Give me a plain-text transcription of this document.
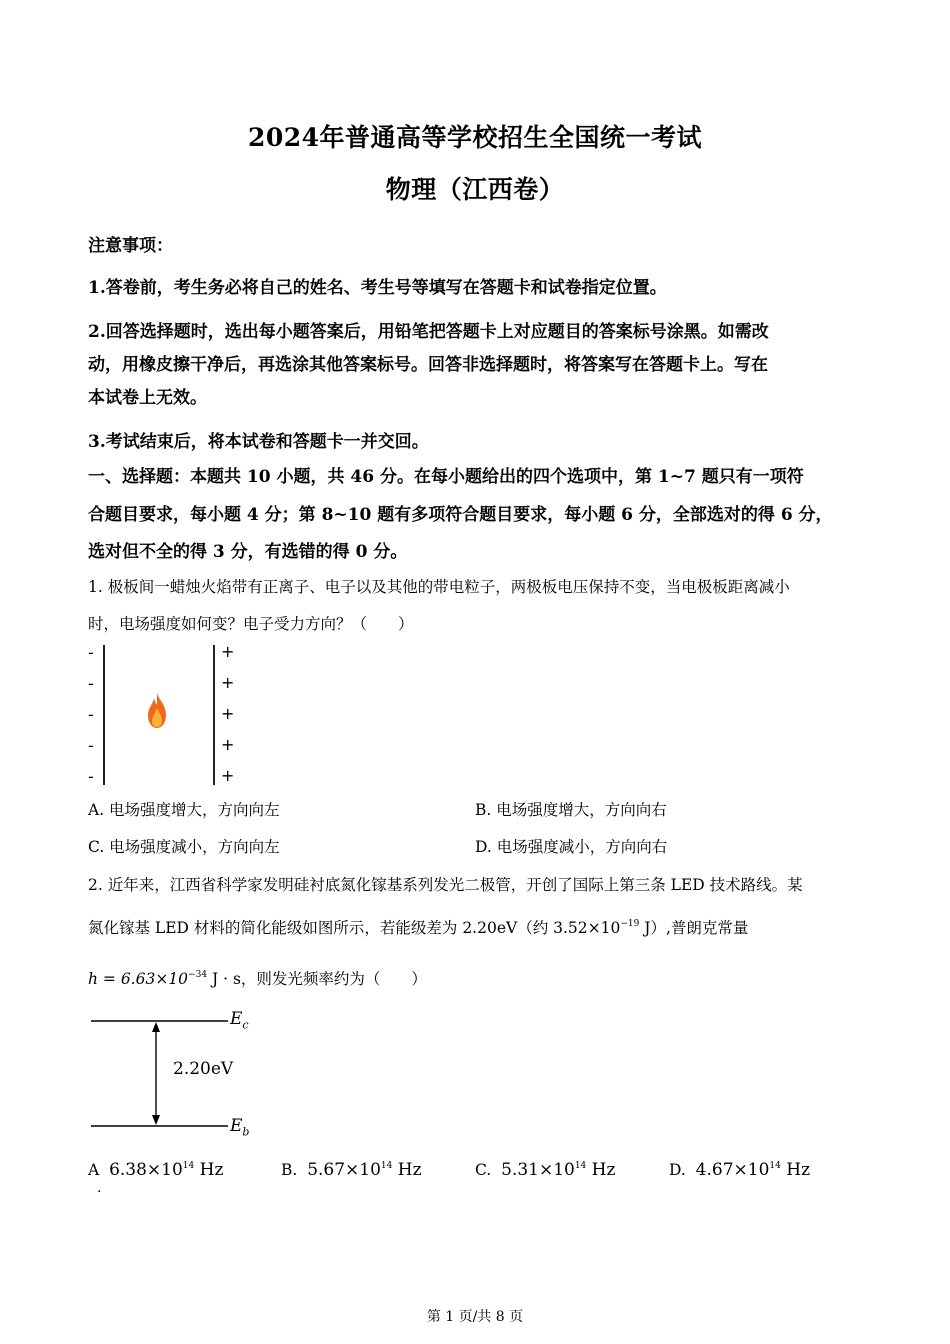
2024年普通高等学校招生全国统一考试
物理（江西卷）
注意事项：
1.答卷前，考生务必将自己的姓名、考生号等填写在答题卡和试卷指定位置。
2.回答选择题时，选出每小题答案后，用铅笔把答题卡上对应题目的答案标号涂黑。如需改
动，用橡皮擦干净后，再选涂其他答案标号。回答非选择题时，将答案写在答题卡上。写在
本试卷上无效。
3.考试结束后，将本试卷和答题卡一并交回。
一、选择题：本题共 10 小题，共 46 分。在每小题给出的四个选项中，第 1~7 题只有一项符
合题目要求，每小题 4 分；第 8~10 题有多项符合题目要求，每小题 6 分，全部选对的得 6 分，
选对但不全的得 3 分，有选错的得 0 分。
1. 极板间一蜡烛火焰带有正离子、电子以及其他的带电粒子，两极板电压保持不变，当电极板距离减小
时，电场强度如何变？电子受力方向？（　　）
-
-
-
-
-
+
+
+
+
+
A. 电场强度增大，方向向左	B. 电场强度增大，方向向右
C. 电场强度减小，方向向左	D. 电场强度减小，方向向右
2. 近年来，江西省科学家发明硅衬底氮化镓基系列发光二极管，开创了国际上第三条 LED 技术路线。某
氮化镓基 LED 材料的简化能级如图所示，若能级差为 2.20eV（约 $3.52\times 10^{-19}$ J）,普朗克常量
$h = 6.63\times 10^{-34}$ J · s，则发光频率约为（　　）
$E_c$
2.20eV
$E_b$
A $6.38\times 10^{14}$ Hz	B. $5.67\times 10^{14}$ Hz	C. $5.31\times 10^{14}$ Hz	D. $4.67\times 10^{14}$ Hz
.
第 1 页/共 8 页
